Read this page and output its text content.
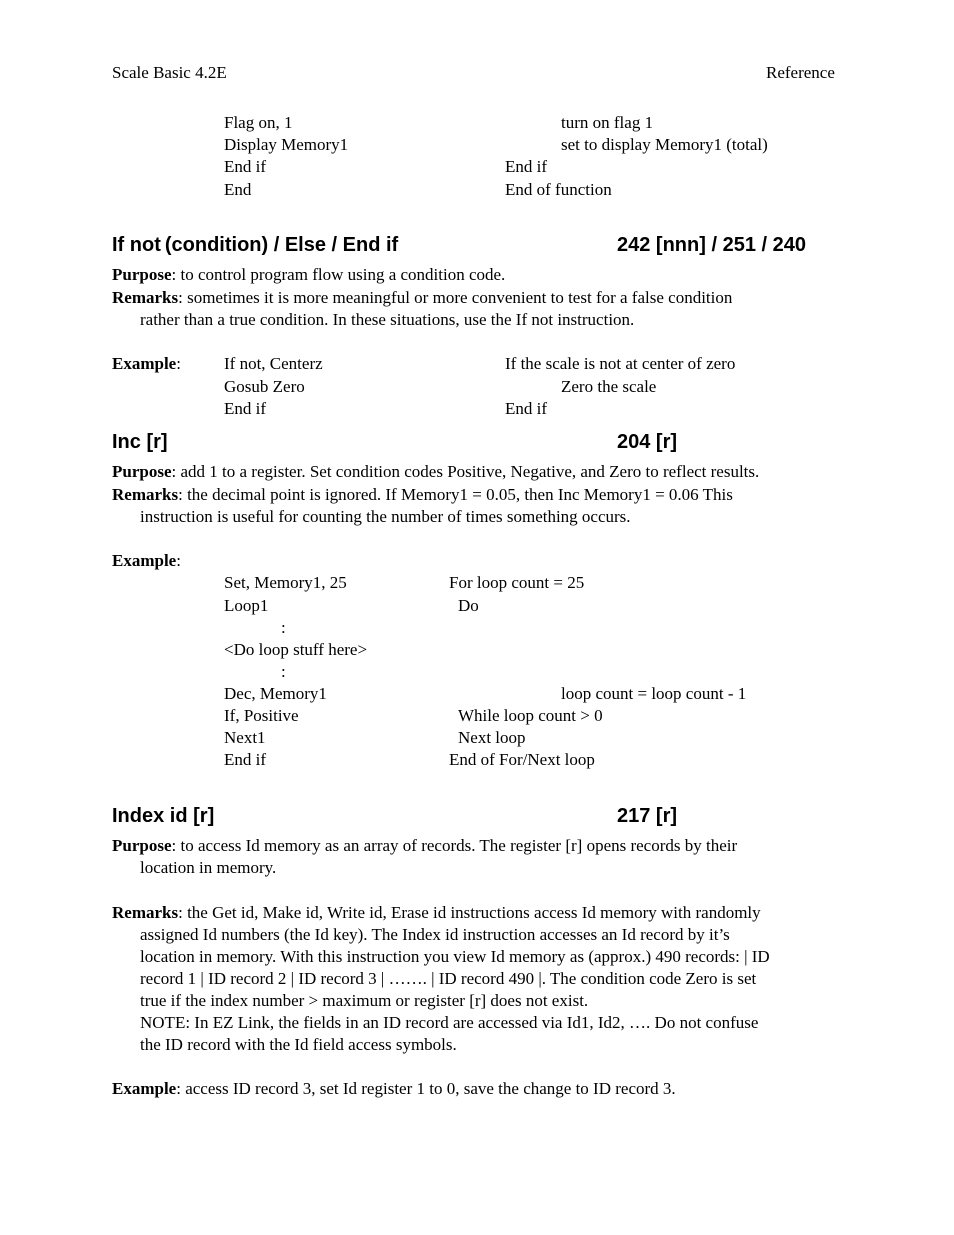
Scale Basic 4.2E	Reference
Flag on, 1	turn on flag 1
Display Memory1	set to display Memory1 (total)
End if	End if
End	End of function
If not (condition) / Else / End if	242 [nnn] / 251 / 240
Purpose: to control program flow using a condition code.
Remarks: sometimes it is more meaningful or more convenient to test for a false condition
rather than a true condition. In these situations, use the If not instruction.
Example:	If not, Centerz	If the scale is not at center of zero
Gosub Zero	Zero the scale
End if	End if
Inc [r]	204 [r]
Purpose: add 1 to a register. Set condition codes Positive, Negative, and Zero to reflect results.
Remarks: the decimal point is ignored. If Memory1 = 0.05, then Inc Memory1 = 0.06 This
instruction is useful for counting the number of times something occurs.
Example:
Set, Memory1, 25	For loop count = 25
Loop1	Do
:
<Do loop stuff here>
:
Dec, Memory1	loop count = loop count - 1
If, Positive	While loop count > 0
Next1	Next loop
End if	End of For/Next loop
Index id [r]	217 [r]
Purpose: to access Id memory as an array of records. The register [r] opens records by their
location in memory.
Remarks: the Get id, Make id, Write id, Erase id instructions access Id memory with randomly
assigned Id numbers (the Id key). The Index id instruction accesses an Id record by it’s
location in memory. With this instruction you view Id memory as (approx.) 490 records: | ID
record 1 | ID record 2 | ID record 3 | ……. | ID record 490 |. The condition code Zero is set
true if the index number > maximum or register [r] does not exist.
NOTE: In EZ Link, the fields in an ID record are accessed via Id1, Id2, …. Do not confuse
the ID record with the Id field access symbols.
Example: access ID record 3, set Id register 1 to 0, save the change to ID record 3.
